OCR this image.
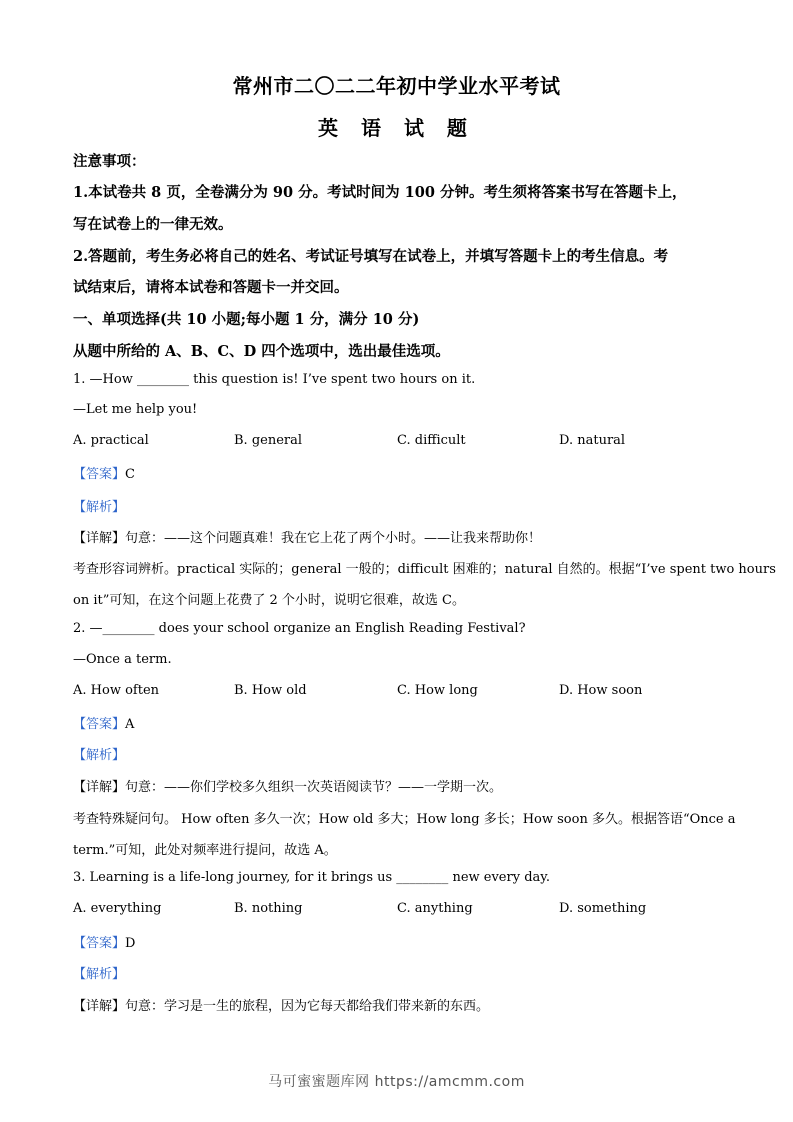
常州市二〇二二年初中学业水平考试
英 语 试 题
注意事项：
1.本试卷共 8 页，全卷满分为 90 分。考试时间为 100 分钟。考生须将答案书写在答题卡上，
写在试卷上的一律无效。
2.答题前，考生务必将自己的姓名、考试证号填写在试卷上，并填写答题卡上的考生信息。考
试结束后，请将本试卷和答题卡一并交回。
一、单项选择(共 10 小题;每小题 1 分，满分 10 分)
从题中所给的 A、B、C、D 四个选项中，选出最佳选项。
1. —How ________ this question is! I’ve spent two hours on it.
—Let me help you!
A. practical	B. general	C. difficult	D. natural
【答案】C
【解析】
【详解】句意：——这个问题真难！我在它上花了两个小时。——让我来帮助你！
考查形容词辨析。practical 实际的；general 一般的；difficult 困难的；natural 自然的。根据“I’ve spent two hours
on it”可知，在这个问题上花费了 2 个小时，说明它很难，故选 C。
2. —________ does your school organize an English Reading Festival?
—Once a term.
A. How often	B. How old	C. How long	D. How soon
【答案】A
【解析】
【详解】句意：——你们学校多久组织一次英语阅读节？——一学期一次。
考查特殊疑问句。 How often 多久一次；How old 多大；How long 多长；How soon 多久。根据答语“Once a
term.”可知，此处对频率进行提问，故选 A。
3. Learning is a life-long journey, for it brings us ________ new every day.
A. everything	B. nothing	C. anything	D. something
【答案】D
【解析】
【详解】句意：学习是一生的旅程，因为它每天都给我们带来新的东西。
马可蜜蜜题库网 https://amcmm.com
